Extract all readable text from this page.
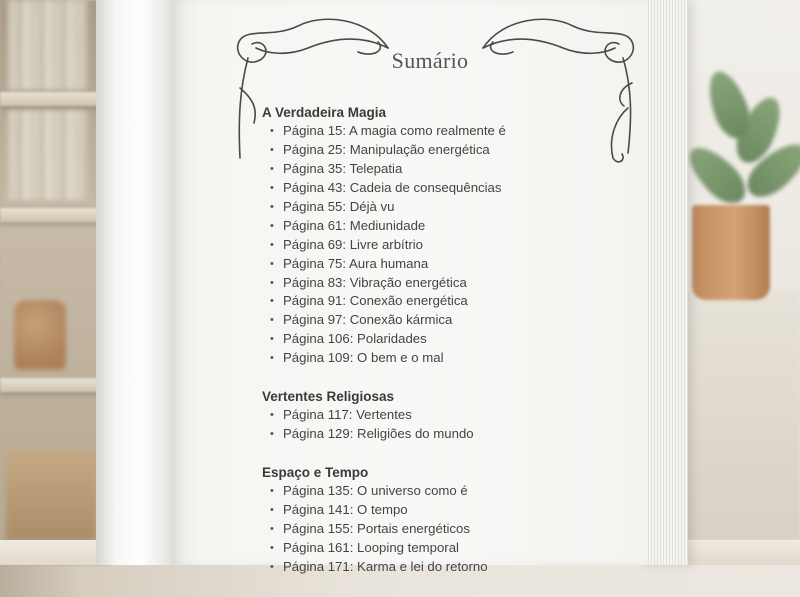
Sumário
A Verdadeira Magia
• Página 15: A magia como realmente é
• Página 25: Manipulação energética
• Página 35: Telepatia
• Página 43: Cadeia de consequências
• Página 55: Déjà vu
• Página 61: Mediunidade
• Página 69: Livre arbítrio
• Página 75: Aura humana
• Página 83: Vibração energética
• Página 91: Conexão energética
• Página 97: Conexão kármica
• Página 106: Polaridades
• Página 109: O bem e o mal
Vertentes Religiosas
• Página 117: Vertentes
• Página 129: Religiões do mundo
Espaço e Tempo
• Página 135: O universo como é
• Página 141: O tempo
• Página 155: Portais energéticos
• Página 161: Looping temporal
• Página 171: Karma e lei do retorno
